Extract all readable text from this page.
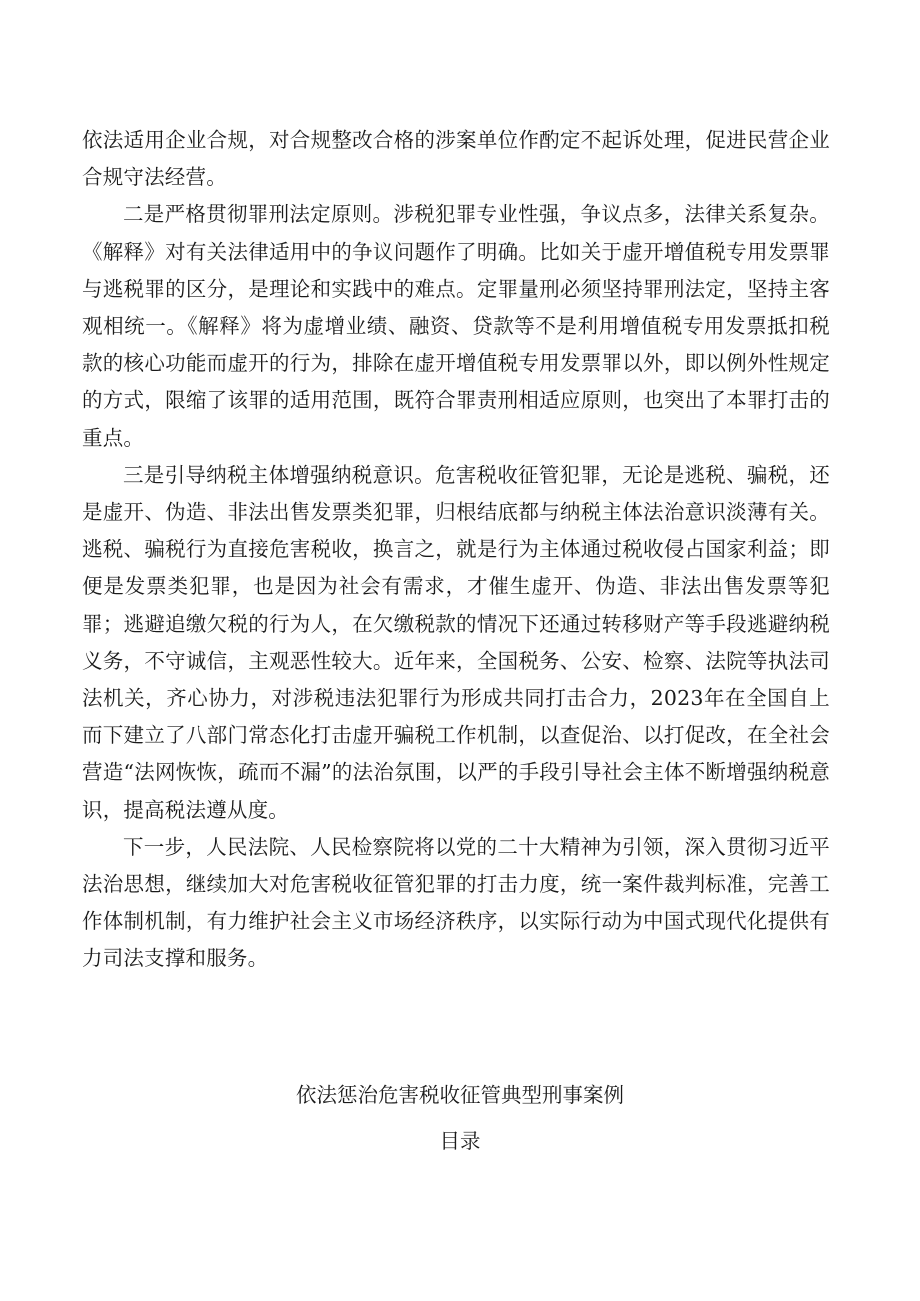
依法适用企业合规，对合规整改合格的涉案单位作酌定不起诉处理，促进民营企业合规守法经营。

二是严格贯彻罪刑法定原则。涉税犯罪专业性强，争议点多，法律关系复杂。《解释》对有关法律适用中的争议问题作了明确。比如关于虚开增值税专用发票罪与逃税罪的区分，是理论和实践中的难点。定罪量刑必须坚持罪刑法定，坚持主客观相统一。《解释》将为虚增业绩、融资、贷款等不是利用增值税专用发票抵扣税款的核心功能而虚开的行为，排除在虚开增值税专用发票罪以外，即以例外性规定的方式，限缩了该罪的适用范围，既符合罪责刑相适应原则，也突出了本罪打击的重点。

三是引导纳税主体增强纳税意识。危害税收征管犯罪，无论是逃税、骗税，还是虚开、伪造、非法出售发票类犯罪，归根结底都与纳税主体法治意识淡薄有关。逃税、骗税行为直接危害税收，换言之，就是行为主体通过税收侵占国家利益；即便是发票类犯罪，也是因为社会有需求，才催生虚开、伪造、非法出售发票等犯罪；逃避追缴欠税的行为人，在欠缴税款的情况下还通过转移财产等手段逃避纳税义务，不守诚信，主观恶性较大。近年来，全国税务、公安、检察、法院等执法司法机关，齐心协力，对涉税违法犯罪行为形成共同打击合力，2023年在全国自上而下建立了八部门常态化打击虚开骗税工作机制，以查促治、以打促改，在全社会营造“法网恢恢，疏而不漏”的法治氛围，以严的手段引导社会主体不断增强纳税意识，提高税法遵从度。

下一步，人民法院、人民检察院将以党的二十大精神为引领，深入贯彻习近平法治思想，继续加大对危害税收征管犯罪的打击力度，统一案件裁判标准，完善工作体制机制，有力维护社会主义市场经济秩序，以实际行动为中国式现代化提供有力司法支撑和服务。

依法惩治危害税收征管典型刑事案例
目录
